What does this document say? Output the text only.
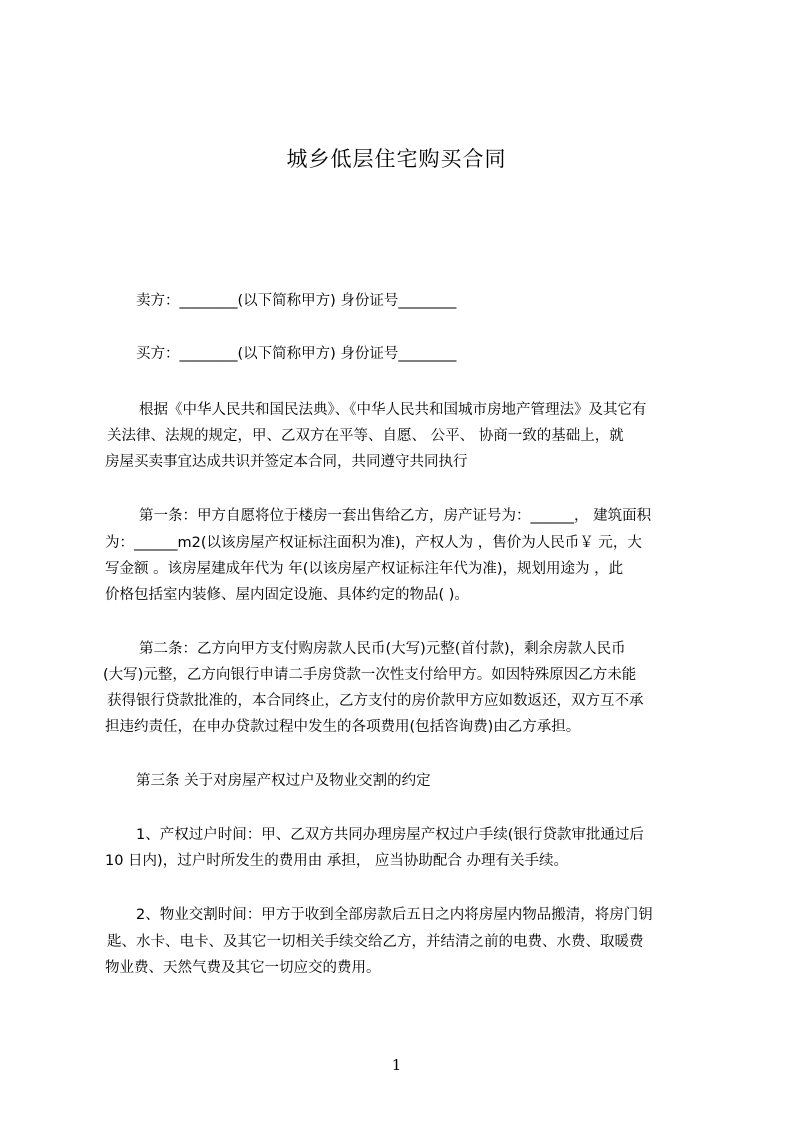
城乡低层住宅购买合同
卖方：________(以下简称甲方) 身份证号________
买方：________(以下简称甲方) 身份证号________
根据《中华人民共和国民法典》、《中华人民共和国城市房地产管理法》及其它有
关法律、法规的规定，甲、乙双方在平等、自愿、 公平、 协商一致的基础上，就
房屋买卖事宜达成共识并签定本合同，共同遵守共同执行
第一条：甲方自愿将位于楼房一套出售给乙方，房产证号为：______， 建筑面积
为：______m2(以该房屋产权证标注面积为准)，产权人为 ，售价为人民币￥ 元，大
写金额 。该房屋建成年代为 年(以该房屋产权证标注年代为准)，规划用途为 ，此
价格包括室内装修、屋内固定设施、具体约定的物品( )。
第二条：乙方向甲方支付购房款人民币(大写)元整(首付款)，剩余房款人民币
(大写)元整，乙方向银行申请二手房贷款一次性支付给甲方。如因特殊原因乙方未能
获得银行贷款批准的，本合同终止，乙方支付的房价款甲方应如数返还，双方互不承
担违约责任，在申办贷款过程中发生的各项费用(包括咨询费)由乙方承担。
第三条 关于对房屋产权过户及物业交割的约定
1、产权过户时间：甲、乙双方共同办理房屋产权过户手续(银行贷款审批通过后
10 日内)，过户时所发生的费用由 承担， 应当协助配合 办理有关手续。
2、物业交割时间：甲方于收到全部房款后五日之内将房屋内物品搬清，将房门钥
匙、水卡、电卡、及其它一切相关手续交给乙方，并结清之前的电费、水费、取暖费
物业费、天然气费及其它一切应交的费用。
1
